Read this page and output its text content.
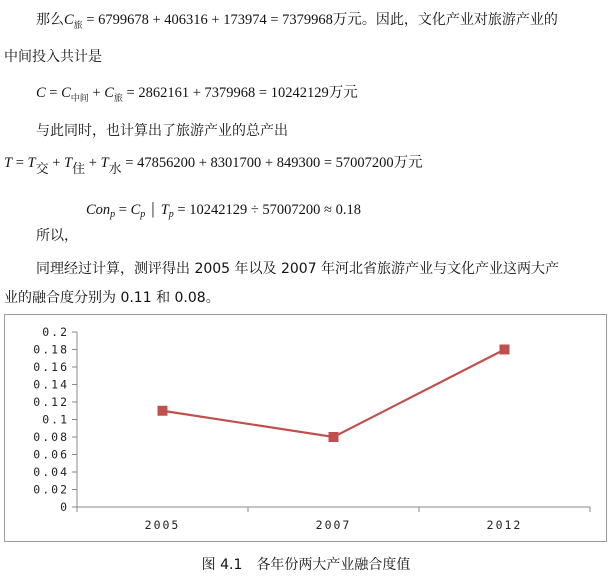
那么$C_旅 = 6799678 + 406316 + 173974 = 7379968$万元。因此，文化产业对旅游产业的
中间投入共计是
$C = C_{中间} + C_旅 = 2862161 + 7379968 = 10242129$万元
与此同时，也计算出了旅游产业的总产出
T = T交 + T住 + T水 = 47856200 + 8301700 + 849300 = 57007200万元
$Con_p = C_p$ | $T_p = 10242129 \div 57007200 \approx 0.18$
所以，
同理经过计算，测评得出 2005 年以及 2007 年河北省旅游产业与文化产业这两大产
业的融合度分别为 0.11 和 0.08。
0.2
0.18
0.16
0.14
0.12
0.1
0.08
0.06
0.04
0.02
0
2005	2007	2012
图 4.1　各年份两大产业融合度值
